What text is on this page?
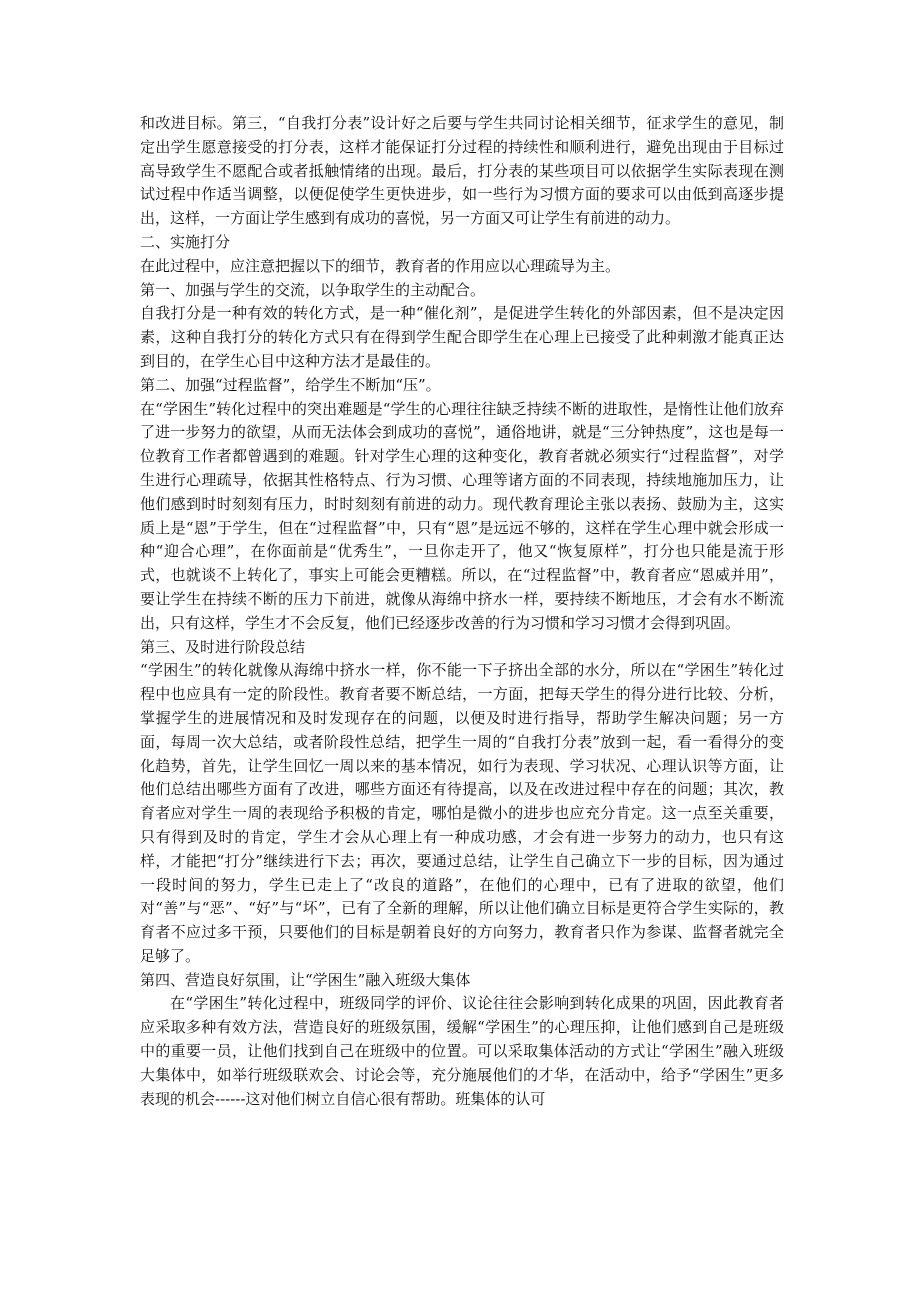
和改进目标。第三，“自我打分表”设计好之后要与学生共同讨论相关细节，征求学生的意见，制定出学生愿意接受的打分表，这样才能保证打分过程的持续性和顺利进行，避免出现由于目标过高导致学生不愿配合或者抵触情绪的出现。最后，打分表的某些项目可以依据学生实际表现在测试过程中作适当调整，以便促使学生更快进步，如一些行为习惯方面的要求可以由低到高逐步提出，这样，一方面让学生感到有成功的喜悦，另一方面又可让学生有前进的动力。

二、实施打分

在此过程中，应注意把握以下的细节，教育者的作用应以心理疏导为主。

第一、加强与学生的交流，以争取学生的主动配合。

自我打分是一种有效的转化方式，是一种“催化剂”，是促进学生转化的外部因素，但不是决定因素，这种自我打分的转化方式只有在得到学生配合即学生在心理上已接受了此种刺激才能真正达到目的，在学生心目中这种方法才是最佳的。

第二、加强“过程监督”，给学生不断加“压”。

在“学困生”转化过程中的突出难题是“学生的心理往往缺乏持续不断的进取性，是惰性让他们放弃了进一步努力的欲望，从而无法体会到成功的喜悦”，通俗地讲，就是“三分钟热度”，这也是每一位教育工作者都曾遇到的难题。针对学生心理的这种变化，教育者就必须实行“过程监督”，对学生进行心理疏导，依据其性格特点、行为习惯、心理等诸方面的不同表现，持续地施加压力，让他们感到时时刻刻有压力，时时刻刻有前进的动力。现代教育理论主张以表扬、鼓励为主，这实质上是“恩”于学生，但在“过程监督”中，只有“恩”是远远不够的，这样在学生心理中就会形成一种“迎合心理”，在你面前是“优秀生”，一旦你走开了，他又“恢复原样”，打分也只能是流于形式，也就谈不上转化了，事实上可能会更糟糕。所以，在“过程监督”中，教育者应“恩威并用”，要让学生在持续不断的压力下前进，就像从海绵中挤水一样，要持续不断地压，才会有水不断流出，只有这样，学生才不会反复，他们已经逐步改善的行为习惯和学习习惯才会得到巩固。

第三、及时进行阶段总结

“学困生”的转化就像从海绵中挤水一样，你不能一下子挤出全部的水分，所以在“学困生”转化过程中也应具有一定的阶段性。教育者要不断总结，一方面，把每天学生的得分进行比较、分析，掌握学生的进展情况和及时发现存在的问题，以便及时进行指导，帮助学生解决问题；另一方面，每周一次大总结，或者阶段性总结，把学生一周的“自我打分表”放到一起，看一看得分的变化趋势，首先，让学生回忆一周以来的基本情况，如行为表现、学习状况、心理认识等方面，让他们总结出哪些方面有了改进，哪些方面还有待提高，以及在改进过程中存在的问题；其次，教育者应对学生一周的表现给予积极的肯定，哪怕是微小的进步也应充分肯定。这一点至关重要，只有得到及时的肯定，学生才会从心理上有一种成功感，才会有进一步努力的动力，也只有这样，才能把“打分”继续进行下去；再次，要通过总结，让学生自己确立下一步的目标，因为通过一段时间的努力，学生已走上了“改良的道路”，在他们的心理中，已有了进取的欲望，他们对“善”与“恶”、“好”与“坏”，已有了全新的理解，所以让他们确立目标是更符合学生实际的，教育者不应过多干预，只要他们的目标是朝着良好的方向努力，教育者只作为参谋、监督者就完全足够了。

第四、营造良好氛围，让“学困生”融入班级大集体

在“学困生”转化过程中，班级同学的评价、议论往往会影响到转化成果的巩固，因此教育者应采取多种有效方法，营造良好的班级氛围，缓解“学困生”的心理压抑，让他们感到自己是班级中的重要一员，让他们找到自己在班级中的位置。可以采取集体活动的方式让“学困生”融入班级大集体中，如举行班级联欢会、讨论会等，充分施展他们的才华，在活动中，给予“学困生”更多表现的机会------这对他们树立自信心很有帮助。班集体的认可
